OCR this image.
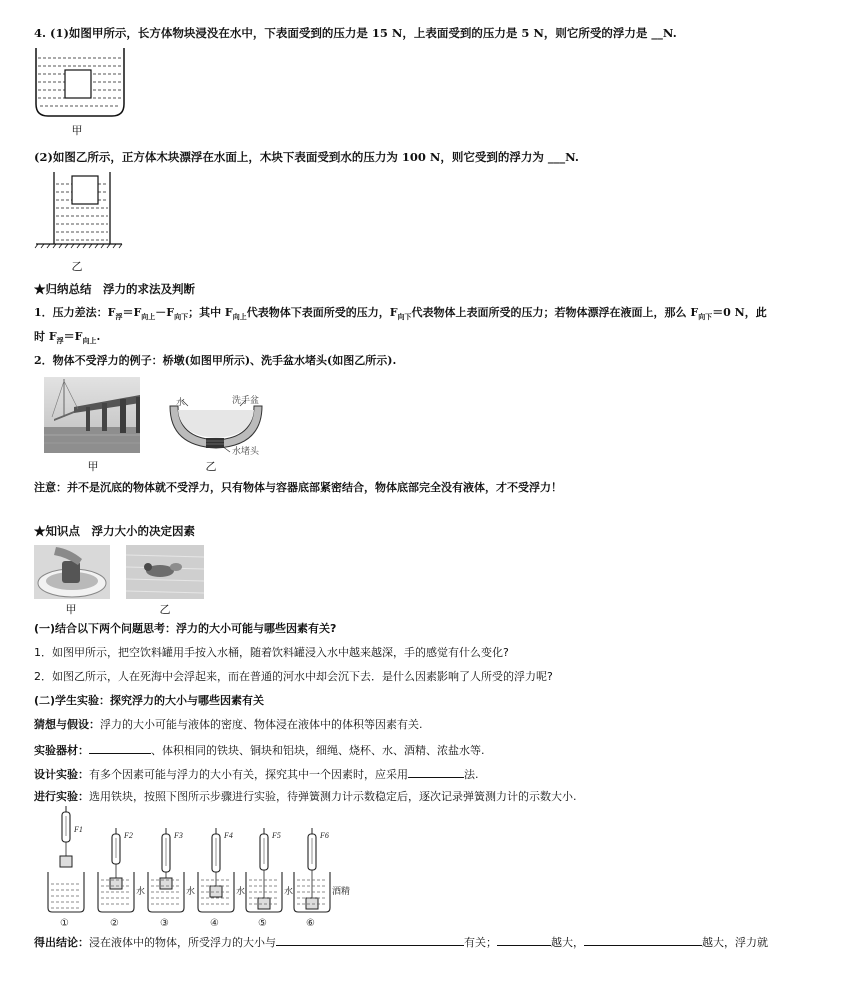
4. (1)如图甲所示，长方体物块浸没在水中，下表面受到的压力是 15 N，上表面受到的压力是 5 N，则它所受的浮力是 __N.
甲
(2)如图乙所示，正方体木块漂浮在水面上，木块下表面受到水的压力为 100 N，则它受到的浮力为 ___N.
乙
★归纳总结　浮力的求法及判断
1．压力差法：$F_浮=F_{向上}-F_{向下}$；其中 $F_{向上}$代表物体下表面所受的压力，$F_{向下}$代表物体上表面所受的压力；若物体漂浮在液面上，那么 $F_{向下}=0$ N，此
时 $F_浮=F_{向上}$.
2．物体不受浮力的例子：桥墩(如图甲所示)、洗手盆水堵头(如图乙所示).
甲
水	洗手盆
水堵头
乙
注意：并不是沉底的物体就不受浮力，只有物体与容器底部紧密结合，物体底部完全没有液体，才不受浮力！
★知识点　浮力大小的决定因素
甲	乙
(一)结合以下两个问题思考：浮力的大小可能与哪些因素有关?
1．如图甲所示，把空饮料罐用手按入水桶，随着饮料罐浸入水中越来越深，手的感觉有什么变化?
2．如图乙所示，人在死海中会浮起来，而在普通的河水中却会沉下去．是什么因素影响了人所受的浮力呢?
(二)学生实验：探究浮力的大小与哪些因素有关
猜想与假设：浮力的大小可能与液体的密度、物体浸在液体中的体积等因素有关.
实验器材：	、体积相同的铁块、铜块和铝块，细绳、烧杯、水、酒精、浓盐水等.
设计实验：有多个因素可能与浮力的大小有关，探究其中一个因素时，应采用	法.
进行实验：选用铁块，按照下图所示步骤进行实验，待弹簧测力计示数稳定后，逐次记录弹簧测力计的示数大小.
F1
①
F2
水
②
F3
水
③
F4
水
④
F5
水
⑤
F6
酒精
⑥
得出结论：浸在液体中的物体，所受浮力的大小与	有关；	越大，	越大，浮力就
